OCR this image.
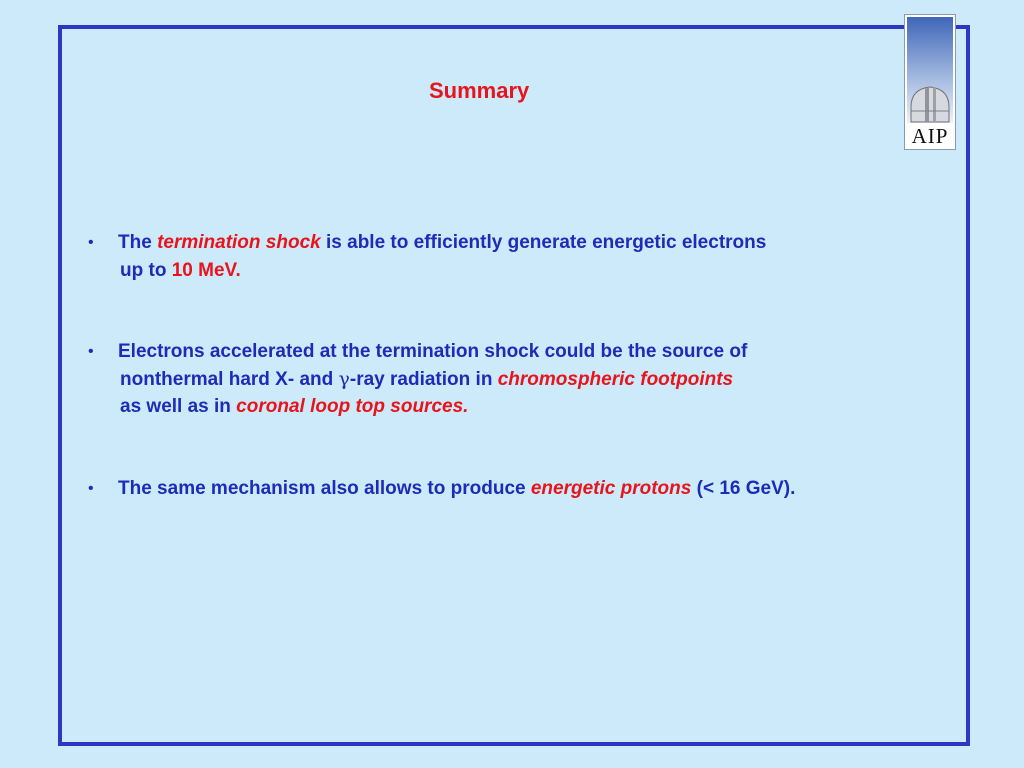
AIP
Summary
•	The termination shock is able to efficiently generate energetic electrons
up to 10 MeV.
•	Electrons accelerated at the termination shock could be the source of
nonthermal hard X- and γ-ray radiation in chromospheric footpoints
as well as in coronal loop top sources.
•	The same mechanism also allows to produce energetic protons (< 16 GeV).
